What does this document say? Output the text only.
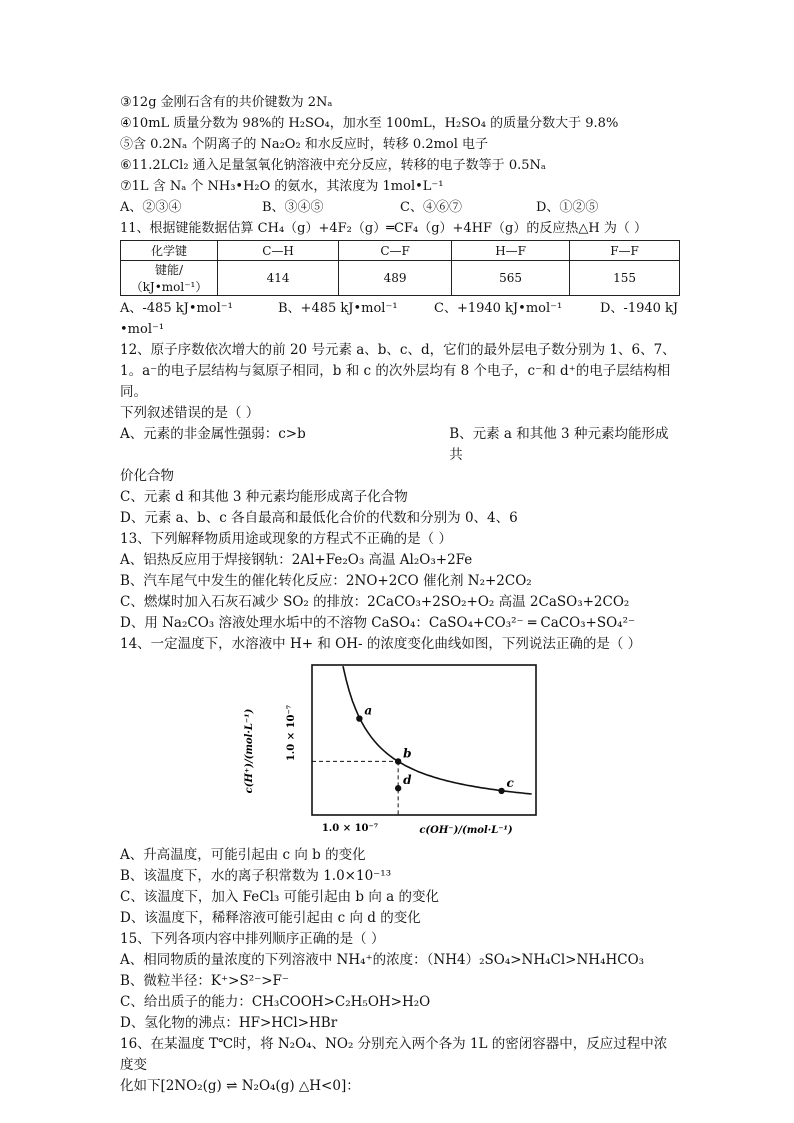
③12g 金刚石含有的共价键数为 2Nₐ
④10mL 质量分数为 98%的 H₂SO₄，加水至 100mL，H₂SO₄ 的质量分数大于 9.8%
⑤含 0.2Nₐ 个阴离子的 Na₂O₂ 和水反应时，转移 0.2mol 电子
⑥11.2LCl₂ 通入足量氢氧化钠溶液中充分反应，转移的电子数等于 0.5Nₐ
⑦1L 含 Nₐ 个 NH₃•H₂O 的氨水，其浓度为 1mol•L⁻¹
A、②③④	B、③④⑤	C、④⑥⑦	D、①②⑤
11、根据键能数据估算 CH₄（g）+4F₂（g）═CF₄（g）+4HF（g）的反应热△H 为（ ）
化学键	C—H	C—F	H—F	F—F
键能/（kJ•mol⁻¹）	414	489	565	155
A、-485 kJ•mol⁻¹	B、+485 kJ•mol⁻¹	C、+1940 kJ•mol⁻¹	D、-1940 kJ
•mol⁻¹
12、原子序数依次增大的前 20 号元素 a、b、c、d，它们的最外层电子数分别为 1、6、7、
1。a⁻的电子层结构与氦原子相同，b 和 c 的次外层均有 8 个电子，c⁻和 d⁺的电子层结构相同。
下列叙述错误的是（ ）
A、元素的非金属性强弱：c>b	B、元素 a 和其他 3 种元素均能形成共
价化合物
C、元素 d 和其他 3 种元素均能形成离子化合物
D、元素 a、b、c 各自最高和最低化合价的代数和分别为 0、4、6
13、下列解释物质用途或现象的方程式不正确的是（ ）
A、铝热反应用于焊接钢轨：2Al+Fe₂O₃ 高温 Al₂O₃+2Fe
B、汽车尾气中发生的催化转化反应：2NO+2CO 催化剂 N₂+2CO₂
C、燃煤时加入石灰石减少 SO₂ 的排放：2CaCO₃+2SO₂+O₂ 高温 2CaSO₃+2CO₂
D、用 Na₂CO₃ 溶液处理水垢中的不溶物 CaSO₄：CaSO₄+CO₃²⁻ ═ CaCO₃+SO₄²⁻
14、一定温度下，水溶液中 H+ 和 OH- 的浓度变化曲线如图，下列说法正确的是（ ）
a
b
c
d
1.0 × 10⁻⁷
c(H⁺)/(mol·L⁻¹)
1.0 × 10⁻⁷	c(OH⁻)/(mol·L⁻¹)
A、升高温度，可能引起由 c 向 b 的变化
B、该温度下，水的离子积常数为 1.0×10⁻¹³
C、该温度下，加入 FeCl₃ 可能引起由 b 向 a 的变化
D、该温度下，稀释溶液可能引起由 c 向 d 的变化
15、下列各项内容中排列顺序正确的是（ ）
A、相同物质的量浓度的下列溶液中 NH₄⁺的浓度：（NH4）₂SO₄>NH₄Cl>NH₄HCO₃
B、微粒半径：K⁺>S²⁻>F⁻
C、给出质子的能力：CH₃COOH>C₂H₅OH>H₂O
D、氢化物的沸点：HF>HCl>HBr
16、在某温度 T℃时，将 N₂O₄、NO₂ 分别充入两个各为 1L 的密闭容器中，反应过程中浓度变
化如下[2NO₂(g) ⇌ N₂O₄(g) △H<0]：
